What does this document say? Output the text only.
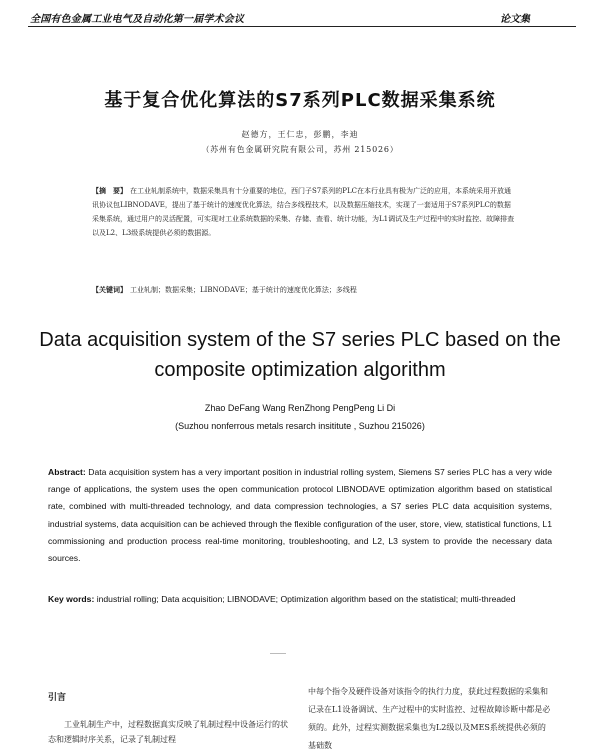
全国有色金属工业电气及自动化第一届学术会议	论文集
基于复合优化算法的S7系列PLC数据采集系统
赵德方，王仁忠，彭鹏，李迪
（苏州有色金属研究院有限公司，苏州 215026）
【摘　要】 在工业轧制系统中，数据采集具有十分重要的地位，西门子S7系列的PLC在本行业具有极为广泛的应用，本系统采用开放通讯协议包LIBNODAVE，提出了基于统计的速度优化算法，结合多线程技术，以及数据压缩技术，实现了一套适用于S7系列PLC的数据采集系统，通过用户的灵活配置，可实现对工业系统数据的采集、存储、查看、统计功能，为L1调试及生产过程中的实时监控、故障排查以及L2、L3级系统提供必须的数据源。
【关键词】 工业轧制；数据采集；LIBNODAVE；基于统计的速度优化算法；多线程
Data acquisition system of the S7 series PLC based on the composite optimization algorithm
Zhao DeFang Wang RenZhong PengPeng Li Di
(Suzhou nonferrous metals resarch insititute , Suzhou 215026)
Abstract: Data acquisition system has a very important position in industrial rolling system, Siemens S7 series PLC has a very wide range of applications, the system uses the open communication protocol LIBNODAVE optimization algorithm based on statistical rate, combined with multi-threaded technology, and data compression technologies, a S7 series PLC data acquisition systems, industrial systems, data acquisition can be achieved through the flexible configuration of the user, store, view, statistical functions, L1 commissioning and production process real-time monitoring, troubleshooting, and L2, L3 system to provide the necessary data sources.
Key words: industrial rolling; Data acquisition; LIBNODAVE; Optimization algorithm based on the statistical; multi-threaded
引言

工业轧制生产中，过程数据真实反映了轧制过程中设备运行的状态和逻辑时序关系，记录了轧制过程

中每个指令及硬件设备对该指令的执行力度，获此过程数据的采集和记录在L1设备调试、生产过程中的实时监控、过程故障诊断中都是必须的。此外，过程实测数据采集也为L2级以及MES系统提供必须的基础数
